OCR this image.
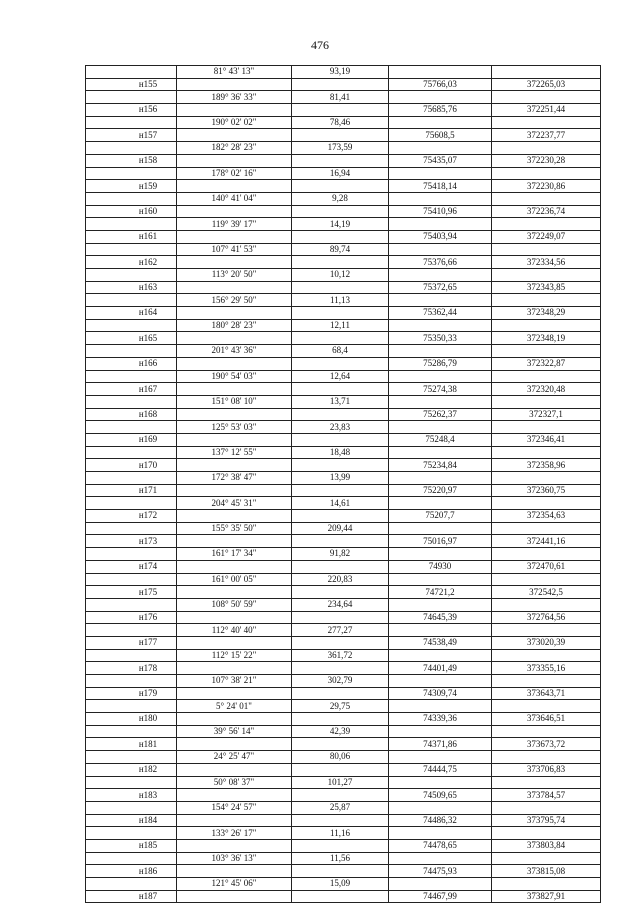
476
	81° 43' 13"	93,19		
н155			75766,03	372265,03
	189° 36' 33"	81,41		
н156			75685,76	372251,44
	190° 02' 02"	78,46		
н157			75608,5	372237,77
	182° 28' 23"	173,59		
н158			75435,07	372230,28
	178° 02' 16"	16,94		
н159			75418,14	372230,86
	140° 41' 04"	9,28		
н160			75410,96	372236,74
	119° 39' 17"	14,19		
н161			75403,94	372249,07
	107° 41' 53"	89,74		
н162			75376,66	372334,56
	113° 20' 50"	10,12		
н163			75372,65	372343,85
	156° 29' 50"	11,13		
н164			75362,44	372348,29
	180° 28' 23"	12,11		
н165			75350,33	372348,19
	201° 43' 36"	68,4		
н166			75286,79	372322,87
	190° 54' 03"	12,64		
н167			75274,38	372320,48
	151° 08' 10"	13,71		
н168			75262,37	372327,1
	125° 53' 03"	23,83		
н169			75248,4	372346,41
	137° 12' 55"	18,48		
н170			75234,84	372358,96
	172° 38' 47"	13,99		
н171			75220,97	372360,75
	204° 45' 31"	14,61		
н172			75207,7	372354,63
	155° 35' 50"	209,44		
н173			75016,97	372441,16
	161° 17' 34"	91,82		
н174			74930	372470,61
	161° 00' 05"	220,83		
н175			74721,2	372542,5
	108° 50' 59"	234,64		
н176			74645,39	372764,56
	112° 40' 40"	277,27		
н177			74538,49	373020,39
	112° 15' 22"	361,72		
н178			74401,49	373355,16
	107° 38' 21"	302,79		
н179			74309,74	373643,71
	5° 24' 01"	29,75		
н180			74339,36	373646,51
	39° 56' 14"	42,39		
н181			74371,86	373673,72
	24° 25' 47"	80,06		
н182			74444,75	373706,83
	50° 08' 37"	101,27		
н183			74509,65	373784,57
	154° 24' 57"	25,87		
н184			74486,32	373795,74
	133° 26' 17"	11,16		
н185			74478,65	373803,84
	103° 36' 13"	11,56		
н186			74475,93	373815,08
	121° 45' 06"	15,09		
н187			74467,99	373827,91
